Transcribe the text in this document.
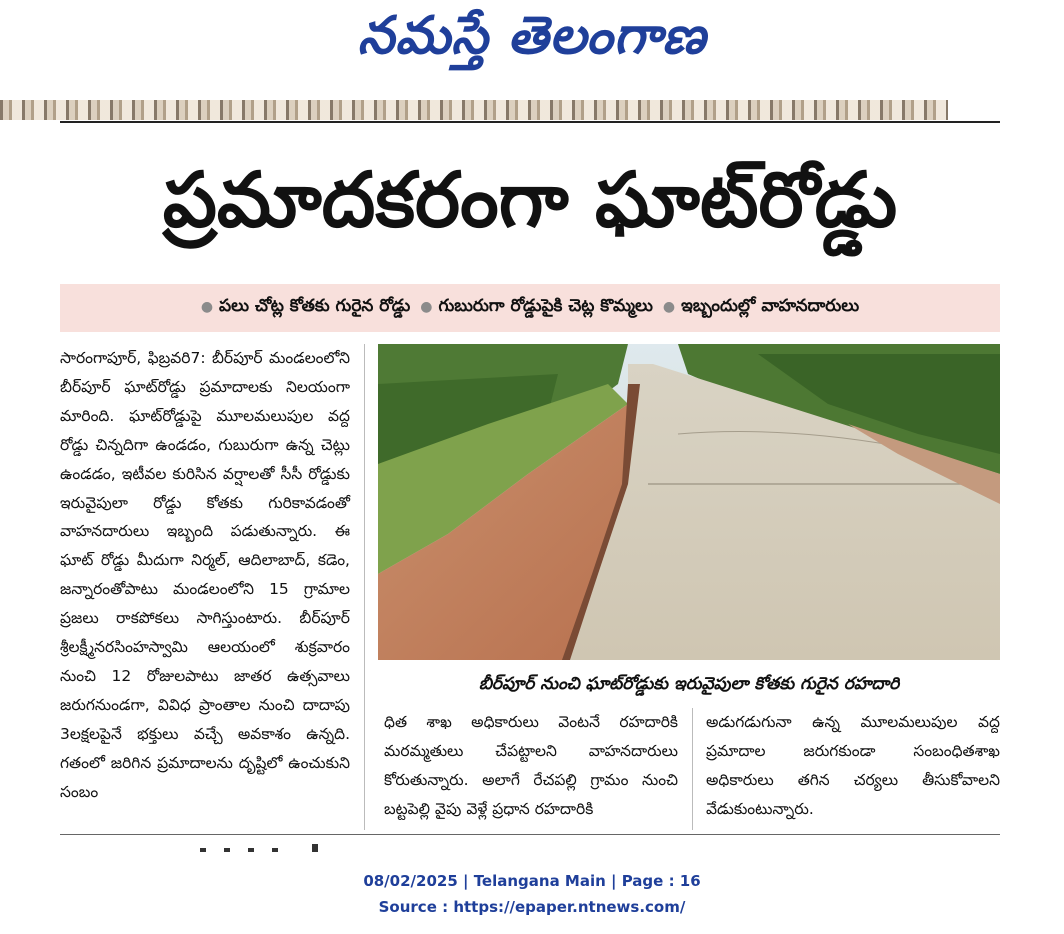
నమస్తే తెలంగాణ
ప్రమాదకరంగా ఘాట్‌రోడ్డు
● పలు చోట్ల కోతకు గురైన రోడ్డు	● గుబురుగా రోడ్డుపైకి చెట్ల కొమ్మలు	● ఇబ్బందుల్లో వాహనదారులు
సారంగాపూర్, ఫిబ్రవరి7: బీర్‌పూర్ మండలంలోని బీర్‌పూర్ ఘాట్‌రోడ్డు ప్రమాదాలకు నిలయంగా మారింది. ఘాట్‌రోడ్డుపై మూలమలుపుల వద్ద రోడ్డు చిన్నదిగా ఉండడం, గుబురుగా ఉన్న చెట్లు ఉండడం, ఇటీవల కురిసిన వర్షాలతో సీసీ రోడ్డుకు ఇరువైపులా రోడ్డు కోతకు గురికావడంతో వాహనదారులు ఇబ్బంది పడుతున్నారు. ఈ ఘాట్ రోడ్డు మీదుగా నిర్మల్, ఆదిలాబాద్, కడెం, జన్నారంతోపాటు మండలంలోని 15 గ్రామాల ప్రజలు రాకపోకలు సాగిస్తుంటారు. బీర్‌పూర్ శ్రీలక్ష్మీనరసింహస్వామి ఆలయంలో శుక్రవారం నుంచి 12 రోజులపాటు జాతర ఉత్సవాలు జరుగనుండగా, వివిధ ప్రాంతాల నుంచి దాదాపు 3లక్షలపైనే భక్తులు వచ్చే అవకాశం ఉన్నది. గతంలో జరిగిన ప్రమాదాలను దృష్టిలో ఉంచుకుని సంబం
బీర్‌పూర్ నుంచి ఘాట్‌రోడ్డుకు ఇరువైపులా కోతకు గురైన రహదారి
ధిత శాఖ అధికారులు వెంటనే రహదారికి మరమ్మతులు చేపట్టాలని వాహనదారులు కోరుతున్నారు. అలాగే రేచపల్లి గ్రామం నుంచి బట్టపెల్లి వైపు వెళ్లే ప్రధాన రహదారికి
అడుగడుగునా ఉన్న మూలమలుపుల వద్ద ప్రమాదాల జరుగకుండా సంబంధితశాఖ అధికారులు తగిన చర్యలు తీసుకోవాలని వేడుకుంటున్నారు.
08/02/2025 | Telangana Main | Page : 16
Source : https://epaper.ntnews.com/
